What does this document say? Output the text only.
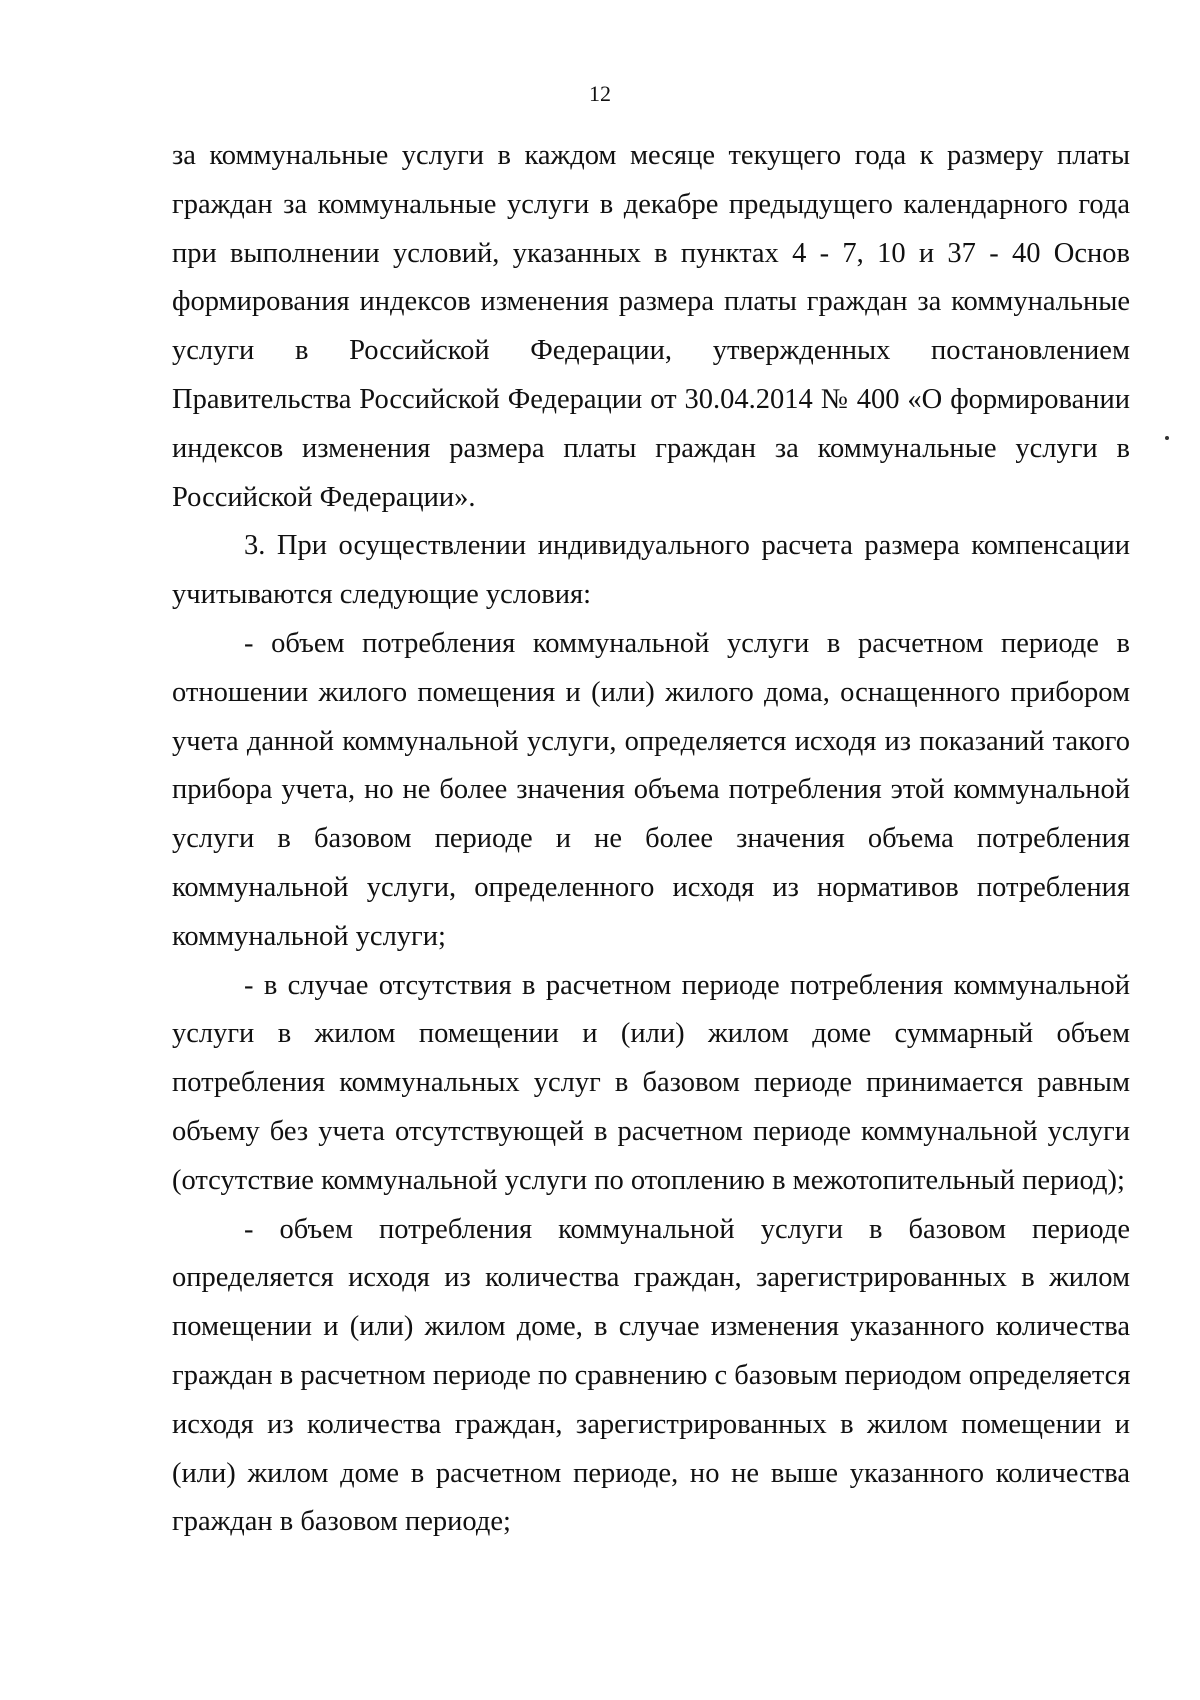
12
за коммунальные услуги в каждом месяце текущего года к размеру платы
граждан за коммунальные услуги в декабре предыдущего календарного года
при выполнении условий, указанных в пунктах 4 - 7, 10 и 37 - 40 Основ
формирования индексов изменения размера платы граждан за коммунальные
услуги в Российской Федерации, утвержденных постановлением
Правительства Российской Федерации от 30.04.2014 № 400 «О формировании
индексов изменения размера платы граждан за коммунальные услуги в
Российской Федерации».
3. При осуществлении индивидуального расчета размера компенсации
учитываются следующие условия:
- объем потребления коммунальной услуги в расчетном периоде в
отношении жилого помещения и (или) жилого дома, оснащенного прибором
учета данной коммунальной услуги, определяется исходя из показаний такого
прибора учета, но не более значения объема потребления этой коммунальной
услуги в базовом периоде и не более значения объема потребления
коммунальной услуги, определенного исходя из нормативов потребления
коммунальной услуги;
- в случае отсутствия в расчетном периоде потребления коммунальной
услуги в жилом помещении и (или) жилом доме суммарный объем
потребления коммунальных услуг в базовом периоде принимается равным
объему без учета отсутствующей в расчетном периоде коммунальной услуги
(отсутствие коммунальной услуги по отоплению в межотопительный период);
- объем потребления коммунальной услуги в базовом периоде
определяется исходя из количества граждан, зарегистрированных в жилом
помещении и (или) жилом доме, в случае изменения указанного количества
граждан в расчетном периоде по сравнению с базовым периодом определяется
исходя из количества граждан, зарегистрированных в жилом помещении и
(или) жилом доме в расчетном периоде, но не выше указанного количества
граждан в базовом периоде;
